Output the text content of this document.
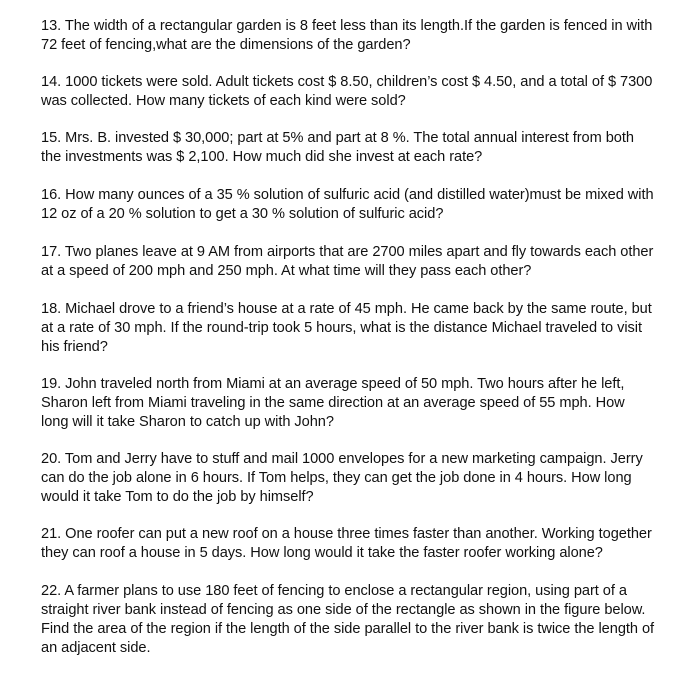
13. The width of a rectangular garden is 8 feet less than its length.If the garden is fenced in with 72 feet of fencing,what are the dimensions of the garden?

14. 1000 tickets were sold. Adult tickets cost $ 8.50, children’s cost $ 4.50, and a total of $ 7300 was collected. How many tickets of each kind were sold?

15. Mrs. B. invested $ 30,000; part at 5% and part at 8 %. The total annual interest from both the investments was $ 2,100. How much did she invest at each rate?

16. How many ounces of a 35 % solution of sulfuric acid (and distilled water)must be mixed with 12 oz of a 20 % solution to get a 30 % solution of sulfuric acid?

17. Two planes leave at 9 AM from airports that are 2700 miles apart and fly towards each other at a speed of 200 mph and 250 mph. At what time will they pass each other?

18. Michael drove to a friend’s house at a rate of 45 mph. He came back by the same route, but at a rate of 30 mph. If the round-trip took 5 hours, what is the distance Michael traveled to visit his friend?

19. John traveled north from Miami at an average speed of 50 mph. Two hours after he left, Sharon left from Miami traveling in the same direction at an average speed of 55 mph. How long will it take Sharon to catch up with John?

20. Tom and Jerry have to stuff and mail 1000 envelopes for a new marketing campaign. Jerry can do the job alone in 6 hours. If Tom helps, they can get the job done in 4 hours. How long would it take Tom to do the job by himself?

21. One roofer can put a new roof on a house three times faster than another. Working together they can roof a house in 5 days. How long would it take the faster roofer working alone?

22. A farmer plans to use 180 feet of fencing to enclose a rectangular region, using part of a straight river bank instead of fencing as one side of the rectangle as shown in the figure below. Find the area of the region if the length of the side parallel to the river bank is twice the length of an adjacent side.
